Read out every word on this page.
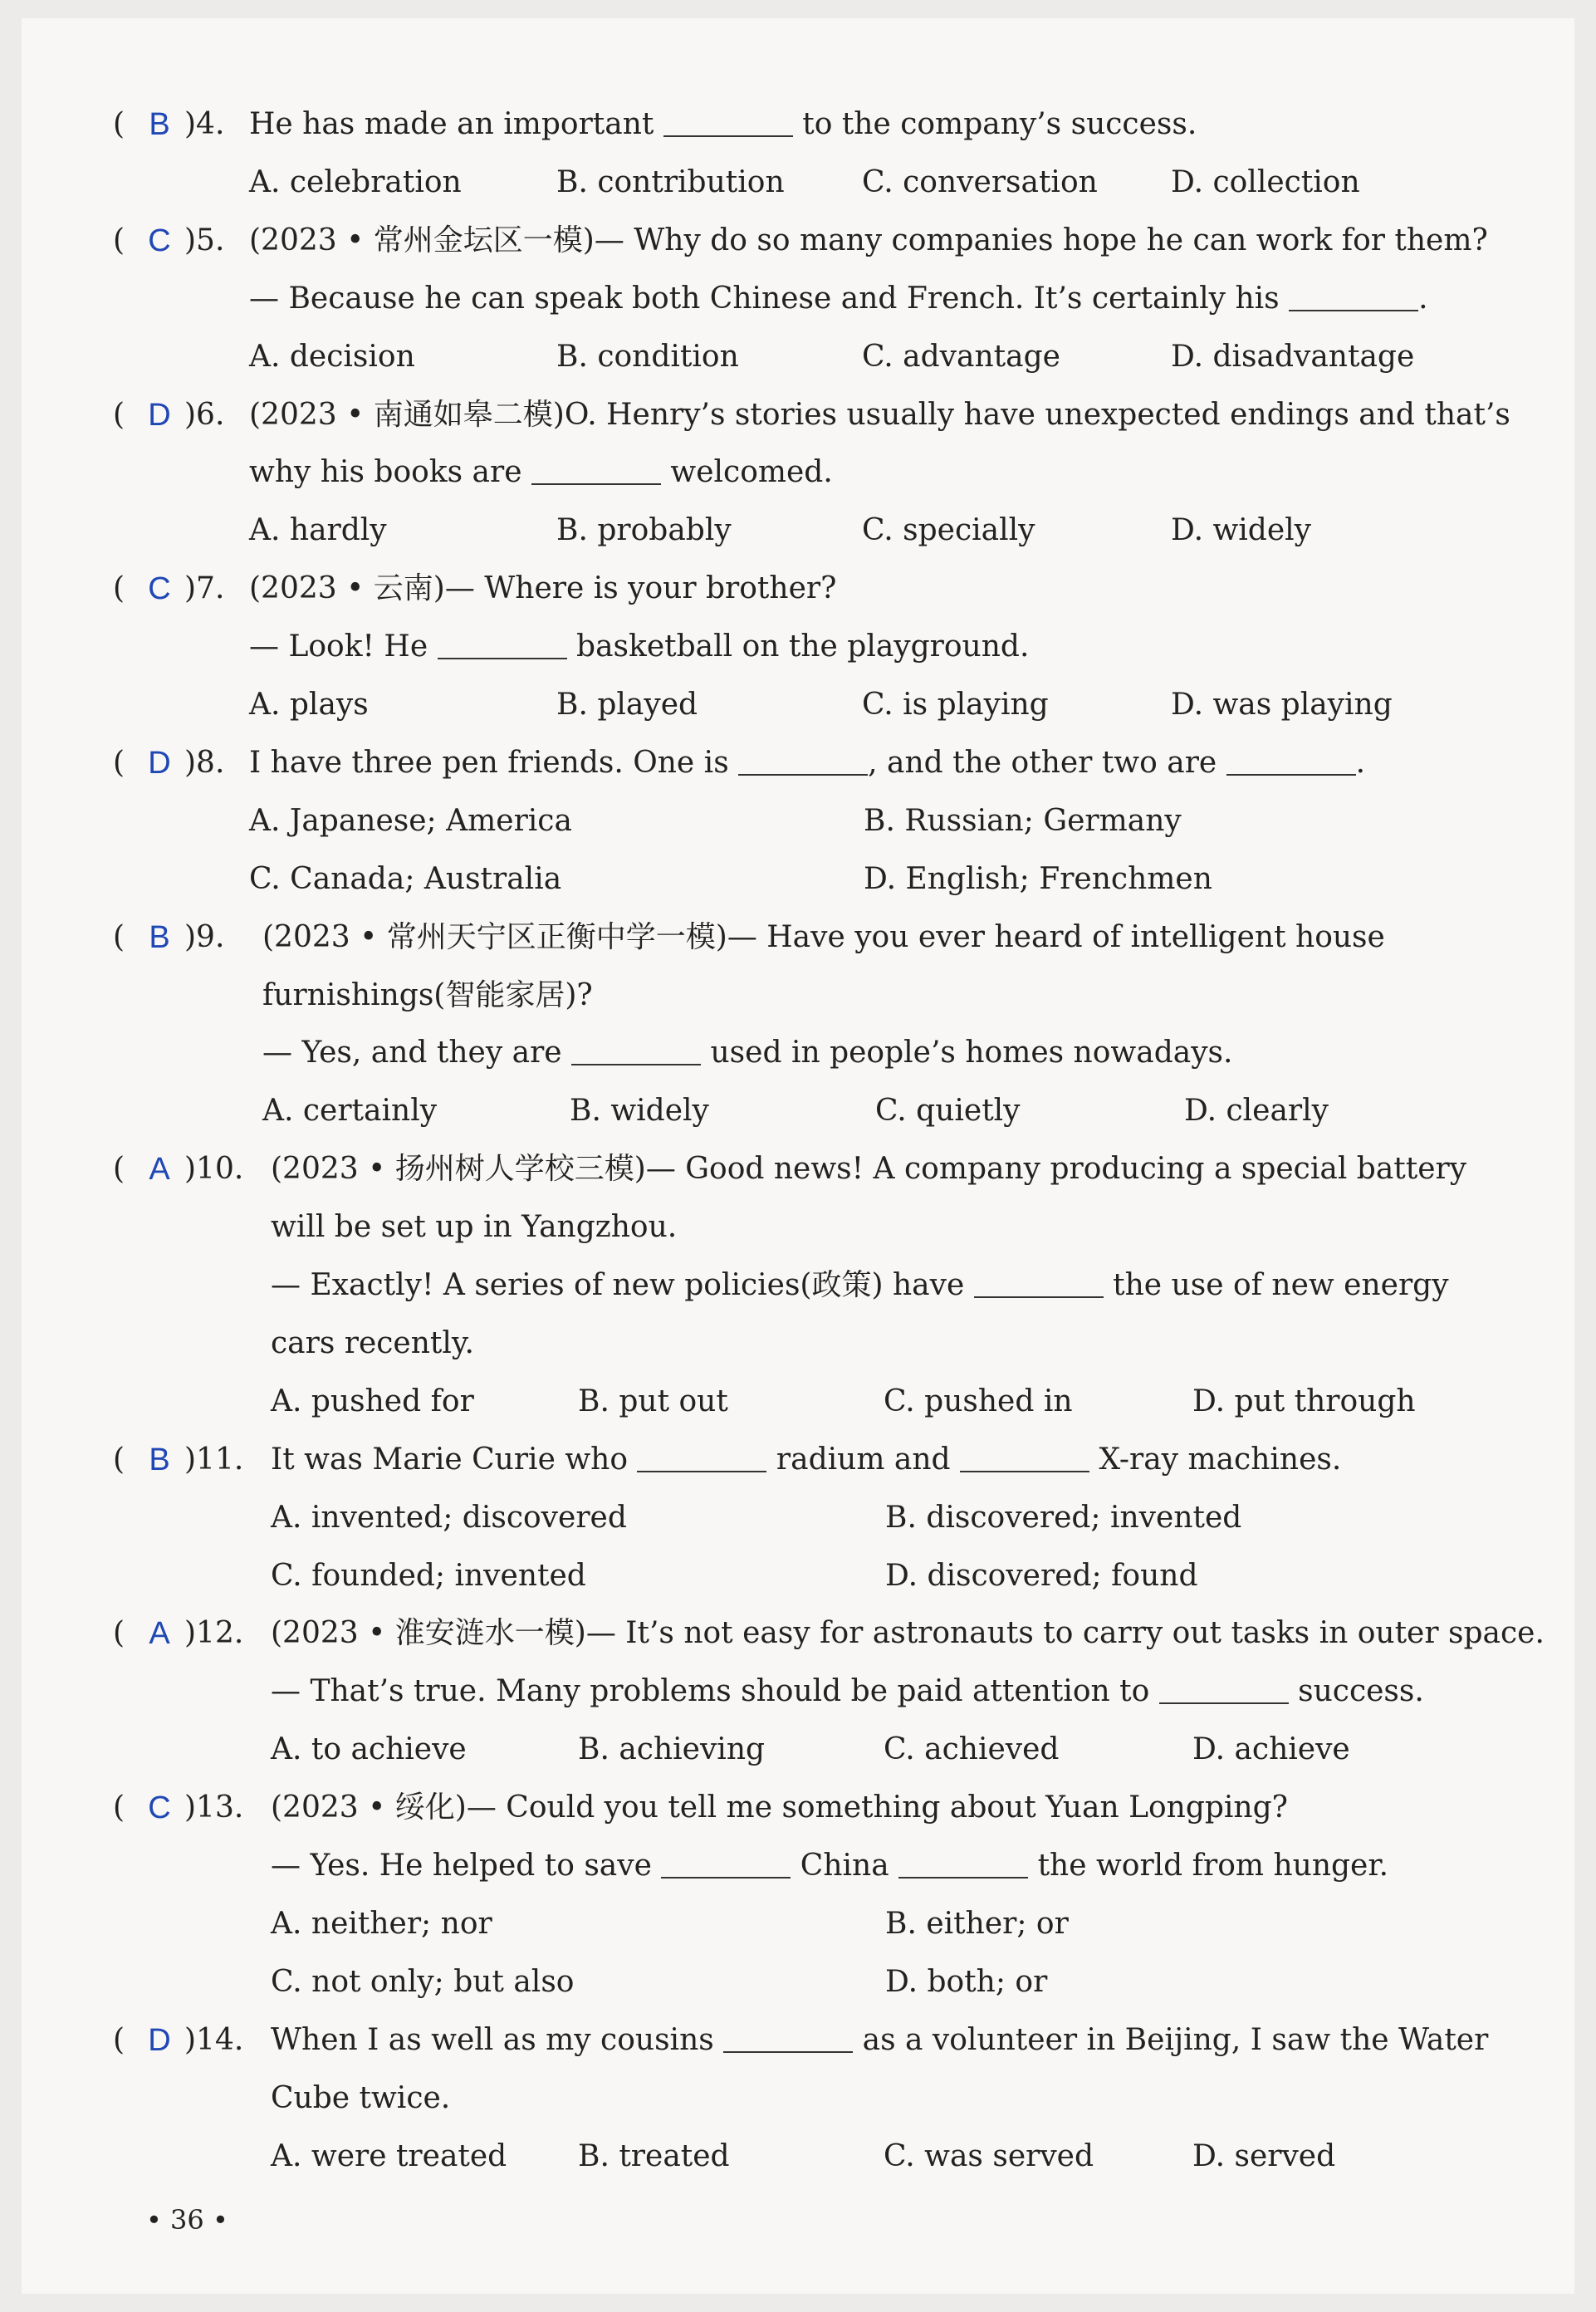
( B )4. He has made an important	to the company’s success.
A. celebration	B. contribution	C. conversation D. collection
( C )5. (2023 • 常州金坛区一模)— Why do so many companies hope he can work for them?
— Because he can speak both Chinese and French. It’s certainly his	.
A. decision	B. condition	C. advantage	D. disadvantage
( D )6. (2023 • 南通如皋二模)O. Henry’s stories usually have unexpected endings and that’s
why his books are	welcomed.
A. hardly	B. probably	C. specially	D. widely
( C )7. (2023 • 云南)— Where is your brother?
— Look! He	basketball on the playground.
A. plays	B. played	C. is playing	D. was playing
( D )8. I have three pen friends. One is	, and the other two are	.
A. Japanese; America	B. Russian; Germany
C. Canada; Australia	D. English; Frenchmen
( B )9. (2023 • 常州天宁区正衡中学一模)— Have you ever heard of intelligent house
furnishings(智能家居)?
— Yes, and they are	used in people’s homes nowadays.
A. certainly	B. widely	C. quietly	D. clearly
( A )10. (2023 • 扬州树人学校三模)— Good news! A company producing a special battery
will be set up in Yangzhou.
— Exactly! A series of new policies(政策) have	the use of new energy
cars recently.
A. pushed for	B. put out	C. pushed in	D. put through
( B )11. It was Marie Curie who	radium and	X-ray machines.
A. invented; discovered	B. discovered; invented
C. founded; invented	D. discovered; found
( A )12. (2023 • 淮安涟水一模)— It’s not easy for astronauts to carry out tasks in outer space.
— That’s true. Many problems should be paid attention to	success.
A. to achieve	B. achieving	C. achieved	D. achieve
( C )13. (2023 • 绥化)— Could you tell me something about Yuan Longping?
— Yes. He helped to save	China	the world from hunger.
A. neither; nor	B. either; or
C. not only; but also	D. both; or
( D )14. When I as well as my cousins	as a volunteer in Beijing, I saw the Water
Cube twice.
A. were treated B. treated	C. was served	D. served
• 36 •
